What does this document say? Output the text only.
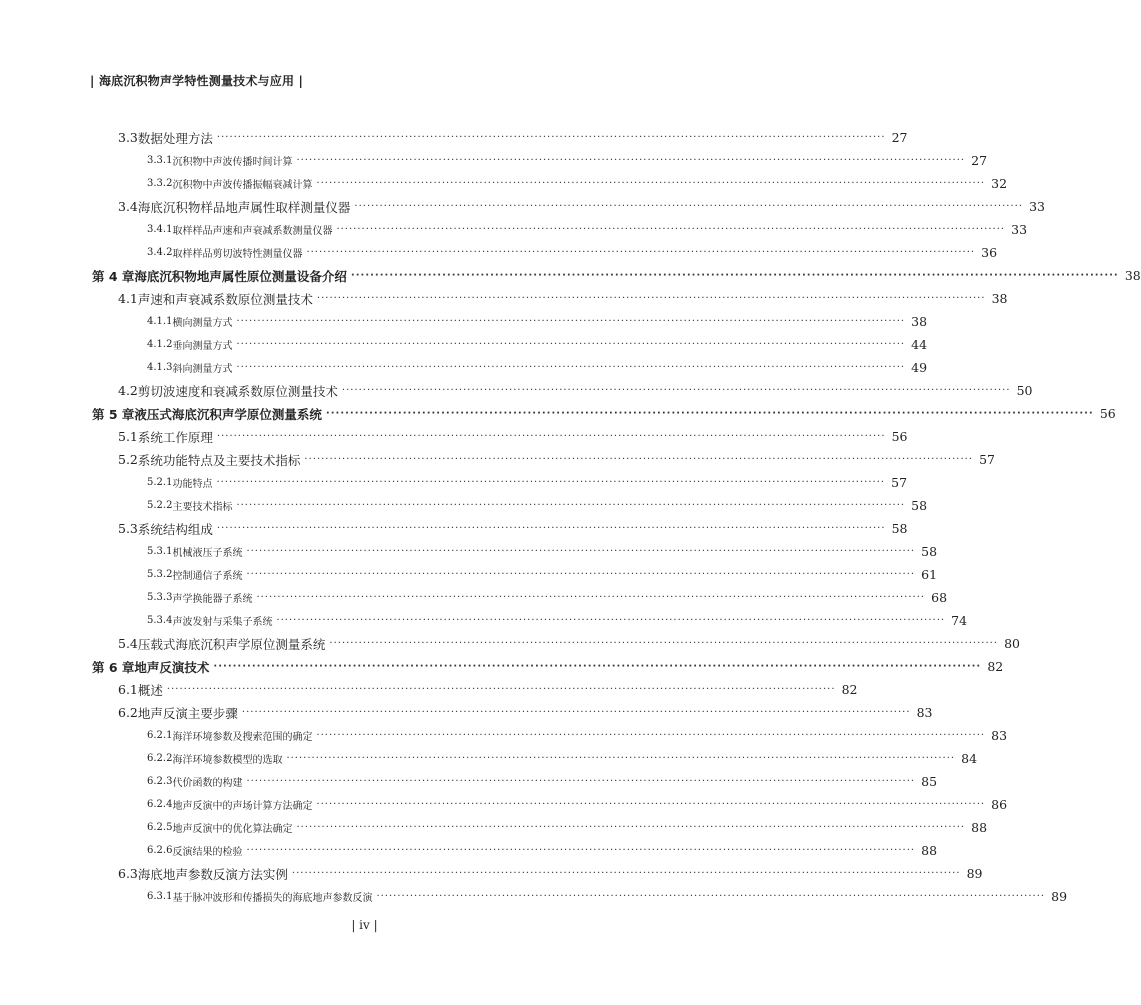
| 海底沉积物声学特性测量技术与应用 |
3.3 数据处理方法 ································································································································································ 27
3.3.1 沉积物中声波传播时间计算 ································································································································································ 27
3.3.2 沉积物中声波传播振幅衰减计算 ································································································································································ 32
3.4 海底沉积物样品地声属性取样测量仪器 ································································································································································ 33
3.4.1 取样样品声速和声衰减系数测量仪器 ································································································································································ 33
3.4.2 取样样品剪切波特性测量仪器 ································································································································································ 36
第 4 章 海底沉积物地声属性原位测量设备介绍 ································································································································································ 38
4.1 声速和声衰减系数原位测量技术 ································································································································································ 38
4.1.1 横向测量方式 ································································································································································ 38
4.1.2 垂向测量方式 ································································································································································ 44
4.1.3 斜向测量方式 ································································································································································ 49
4.2 剪切波速度和衰减系数原位测量技术 ································································································································································ 50
第 5 章 液压式海底沉积声学原位测量系统 ································································································································································ 56
5.1 系统工作原理 ································································································································································ 56
5.2 系统功能特点及主要技术指标 ································································································································································ 57
5.2.1 功能特点 ································································································································································ 57
5.2.2 主要技术指标 ································································································································································ 58
5.3 系统结构组成 ································································································································································ 58
5.3.1 机械液压子系统 ································································································································································ 58
5.3.2 控制通信子系统 ································································································································································ 61
5.3.3 声学换能器子系统 ································································································································································ 68
5.3.4 声波发射与采集子系统 ································································································································································ 74
5.4 压载式海底沉积声学原位测量系统 ································································································································································ 80
第 6 章 地声反演技术 ································································································································································ 82
6.1 概述 ································································································································································ 82
6.2 地声反演主要步骤 ································································································································································ 83
6.2.1 海洋环境参数及搜索范围的确定 ································································································································································ 83
6.2.2 海洋环境参数模型的选取 ································································································································································ 84
6.2.3 代价函数的构建 ································································································································································ 85
6.2.4 地声反演中的声场计算方法确定 ································································································································································ 86
6.2.5 地声反演中的优化算法确定 ································································································································································ 88
6.2.6 反演结果的检验 ································································································································································ 88
6.3 海底地声参数反演方法实例 ································································································································································ 89
6.3.1 基于脉冲波形和传播损失的海底地声参数反演 ································································································································································ 89
| iv |
